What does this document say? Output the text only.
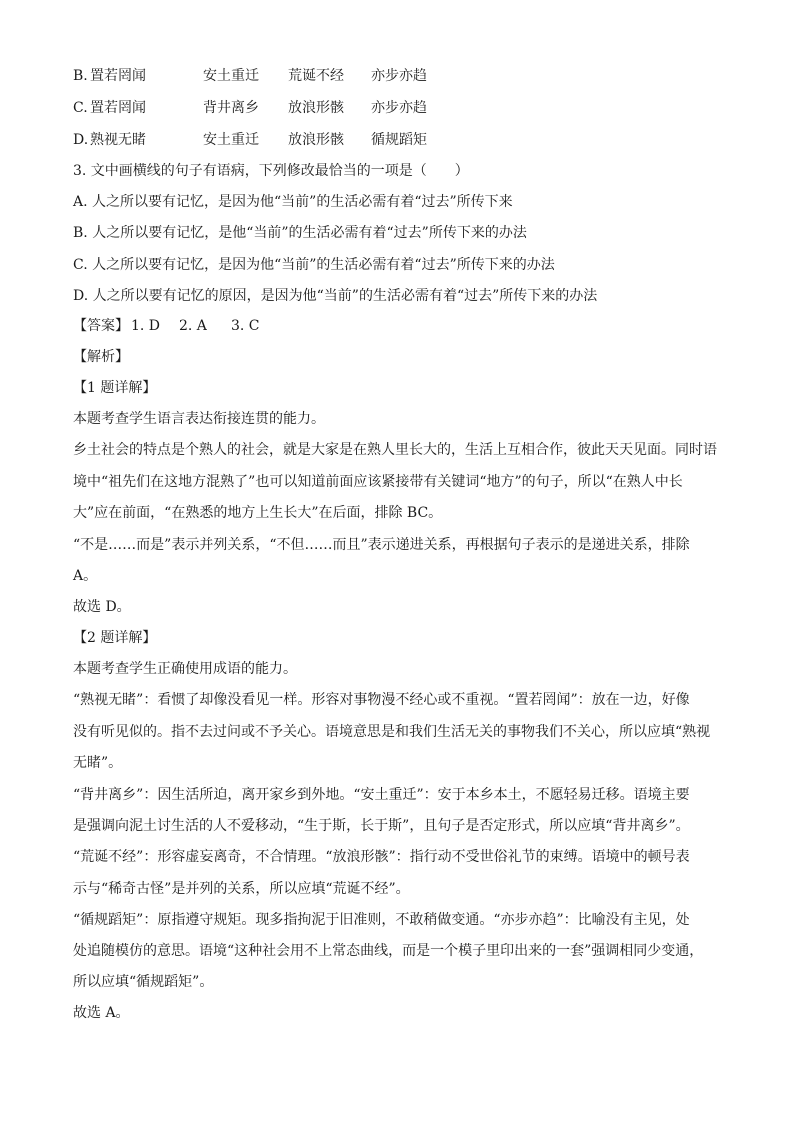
B. 置若罔闻	安土重迁 荒诞不经 亦步亦趋
C. 置若罔闻	背井离乡 放浪形骸 亦步亦趋
D. 熟视无睹	安土重迁 放浪形骸 循规蹈矩
3. 文中画横线的句子有语病，下列修改最恰当的一项是（　　）
A. 人之所以要有记忆，是因为他“当前”的生活必需有着“过去”所传下来
B. 人之所以要有记忆，是他“当前”的生活必需有着“过去”所传下来的办法
C. 人之所以要有记忆，是因为他“当前”的生活必需有着“过去”所传下来的办法
D. 人之所以要有记忆的原因，是因为他“当前”的生活必需有着“过去”所传下来的办法
【答案】 1. D 2. A 3. C
【解析】
【1 题详解】
本题考查学生语言表达衔接连贯的能力。
乡土社会的特点是个熟人的社会，就是大家是在熟人里长大的，生活上互相合作，彼此天天见面。同时语
境中“祖先们在这地方混熟了”也可以知道前面应该紧接带有关键词“地方”的句子，所以“在熟人中长
大”应在前面，“在熟悉的地方上生长大”在后面，排除 BC。
“不是……而是”表示并列关系，“不但……而且”表示递进关系，再根据句子表示的是递进关系，排除
A。
故选 D。
【2 题详解】
本题考查学生正确使用成语的能力。
“熟视无睹”：看惯了却像没看见一样。形容对事物漫不经心或不重视。“置若罔闻”：放在一边，好像
没有听见似的。指不去过问或不予关心。语境意思是和我们生活无关的事物我们不关心，所以应填“熟视
无睹”。
“背井离乡”：因生活所迫，离开家乡到外地。“安土重迁”：安于本乡本土，不愿轻易迁移。语境主要
是强调向泥土讨生活的人不爱移动，“生于斯，长于斯”，且句子是否定形式，所以应填“背井离乡”。
“荒诞不经”：形容虚妄离奇，不合情理。“放浪形骸”：指行动不受世俗礼节的束缚。语境中的顿号表
示与“稀奇古怪”是并列的关系，所以应填“荒诞不经”。
“循规蹈矩”：原指遵守规矩。现多指拘泥于旧准则，不敢稍做变通。“亦步亦趋”：比喻没有主见，处
处追随模仿的意思。语境“这种社会用不上常态曲线，而是一个模子里印出来的一套”强调相同少变通，
所以应填“循规蹈矩”。
故选 A。
